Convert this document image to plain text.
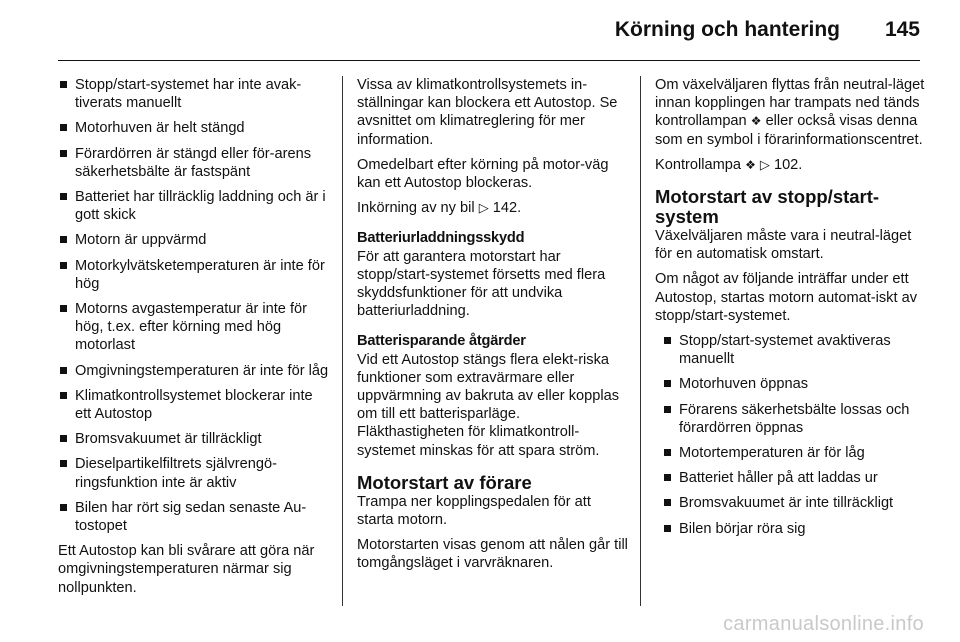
Körning och hantering 145
Stopp/start-systemet har inte avak-tiverats manuellt
Motorhuven är helt stängd
Förardörren är stängd eller för-arens säkerhetsbälte är fastspänt
Batteriet har tillräcklig laddning och är i gott skick
Motorn är uppvärmd
Motorkylvätsketemperaturen är inte för hög
Motorns avgastemperatur är inte för hög, t.ex. efter körning med hög motorlast
Omgivningstemperaturen är inte för låg
Klimatkontrollsystemet blockerar inte ett Autostop
Bromsvakuumet är tillräckligt
Dieselpartikelfiltrets självrengö-ringsfunktion inte är aktiv
Bilen har rört sig sedan senaste Au-tostopet

Ett Autostop kan bli svårare att göra när omgivningstemperaturen närmar sig nollpunkten.

Vissa av klimatkontrollsystemets in-ställningar kan blockera ett Autostop. Se avsnittet om klimatreglering för mer information.

Omedelbart efter körning på motor-väg kan ett Autostop blockeras.

Inkörning av ny bil ▷ 142.

Batteriurladdningsskydd

För att garantera motorstart har stopp/start-systemet försetts med flera skyddsfunktioner för att undvika batteriurladdning.

Batterisparande åtgärder

Vid ett Autostop stängs flera elekt-riska funktioner som extravärmare eller uppvärmning av bakruta av eller kopplas om till ett batterisparläge. Fläkthastigheten för klimatkontroll-systemet minskas för att spara ström.

Motorstart av förare

Trampa ner kopplingspedalen för att starta motorn.

Motorstarten visas genom att nålen går till tomgångsläget i varvräknaren.

Om växelväljaren flyttas från neutral-läget innan kopplingen har trampats ned tänds kontrollampan ❖ eller också visas denna som en symbol i förarinformationscentret.

Kontrollampa ❖ ▷ 102.

Motorstart av stopp/start-system

Växelväljaren måste vara i neutral-läget för en automatisk omstart.

Om något av följande inträffar under ett Autostop, startas motorn automat-iskt av stopp/start-systemet.

Stopp/start-systemet avaktiveras manuellt
Motorhuven öppnas
Förarens säkerhetsbälte lossas och förardörren öppnas
Motortemperaturen är för låg
Batteriet håller på att laddas ur
Bromsvakuumet är inte tillräckligt
Bilen börjar röra sig
carmanualsonline.info
